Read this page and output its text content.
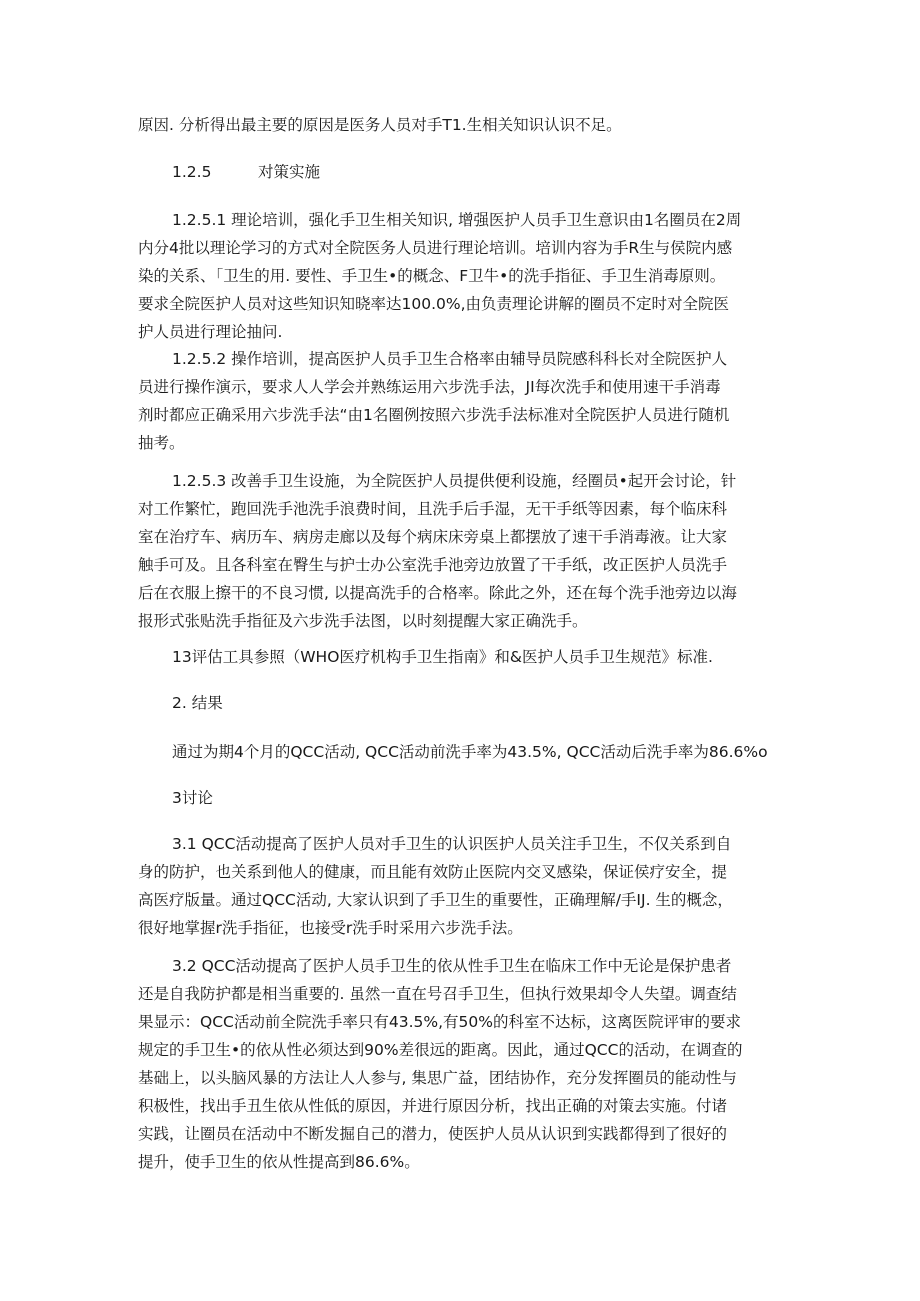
原因. 分析得出最主要的原因是医务人员对手T1.生相关知识认识不足。

1.2.5	对策实施

1.2.5.1 理论培训，强化手卫生相关知识, 增强医护人员手卫生意识由1名圈员在2周

内分4批以理论学习的方式对全院医务人员进行理论培训。培训内容为手R生与侯院内感

染的关系、「卫生的用. 要性、手卫生•的概念、F卫牛•的洗手指征、手卫生消毒原则。

要求全院医护人员对这些知识知晓率达100.0%,由负责理论讲解的圈员不定时对全院医

护人员进行理论抽问.

1.2.5.2 操作培训，提高医护人员手卫生合格率由辅导员院感科科长对全院医护人

员进行操作演示，要求人人学会并熟练运用六步洗手法，JI每次洗手和使用速干手消毒

剂时都应正确采用六步洗手法“由1名圈例按照六步洗手法标准对全院医护人员进行随机

抽考。

1.2.5.3 改善手卫生设施，为全院医护人员提供便利设施，经圈员•起开会讨论，针

对工作繁忙，跑回洗手池洗手浪费时间，且洗手后手湿，无干手纸等因素，每个临床科

室在治疗车、病历车、病房走廊以及每个病床床旁桌上都摆放了速干手消毒液。让大家

触手可及。且各科室在臀生与护士办公室洗手池旁边放置了干手纸，改正医护人员洗手

后在衣服上擦干的不良习惯, 以提高洗手的合格率。除此之外，还在每个洗手池旁边以海

报形式张贴洗手指征及六步洗手法图，以时刻提醒大家正确洗手。

13评估工具参照（WHO医疗机构手卫生指南》和&医护人员手卫生规范》标准.

2. 结果

通过为期4个月的QCC活动, QCC活动前洗手率为43.5%, QCC活动后洗手率为86.6%o

3讨论

3.1 QCC活动提高了医护人员对手卫生的认识医护人员关注手卫生，不仅关系到自

身的防护，也关系到他人的健康，而且能有效防止医院内交叉感染，保证侯疗安全，提

高医疗版量。通过QCC活动, 大家认识到了手卫生的重要性，正确理解/手IJ. 生的概念，

很好地掌握r洗手指征，也接受r洗手时采用六步洗手法。

3.2 QCC活动提高了医护人员手卫生的依从性手卫生在临床工作中无论是保护患者

还是自我防护都是相当重要的. 虽然一直在号召手卫生，但执行效果却令人失望。调查结

果显示：QCC活动前全院洗手率只有43.5%,有50%的科室不达标，这离医院评审的要求

规定的手卫生•的依从性必须达到90%差很远的距离。因此，通过QCC的活动，在调查的

基础上，以头脑风暴的方法让人人参与, 集思广益，团结协作，充分发挥圈员的能动性与

积极性，找出手丑生依从性低的原因，并进行原因分析，找出正确的对策去实施。付诸

实践，让圈员在活动中不断发掘自己的潜力，使医护人员从认识到实践都得到了很好的

提升，使手卫生的依从性提高到86.6%。
